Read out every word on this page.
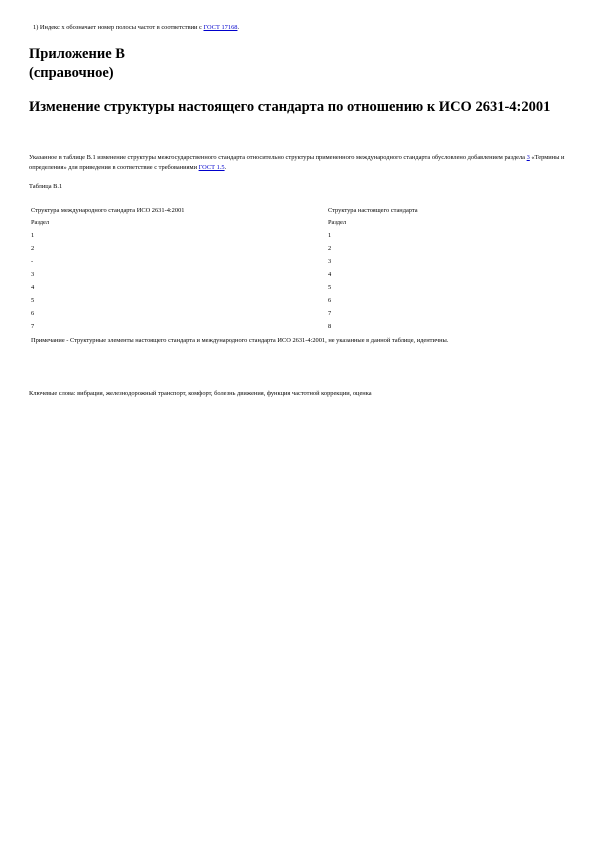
1) Индекс х обозначает номер полосы частот в соответствии с ГОСТ 17168.
Приложение В
(справочное)
Изменение структуры настоящего стандарта по отношению к ИСО 2631-4:2001
Указанное в таблице В.1 изменение структуры межгосударственного стандарта относительно структуры примененного международного стандарта обусловлено добавлением раздела 3 «Термины и определения» для приведения в соответствие с требованиями ГОСТ 1.5.
Таблица В.1
Структура международного стандарта ИСО 2631-4:2001	Структура настоящего стандарта
Раздел	Раздел
1	1
2	2
-	3
3	4
4	5
5	6
6	7
7	8
Примечание - Структурные элементы настоящего стандарта и международного стандарта ИСО 2631-4:2001, не указанные в данной таблице, идентичны.
Ключевые слова: вибрация, железнодорожный транспорт, комфорт, болезнь движения, функция частотной коррекции, оценка
